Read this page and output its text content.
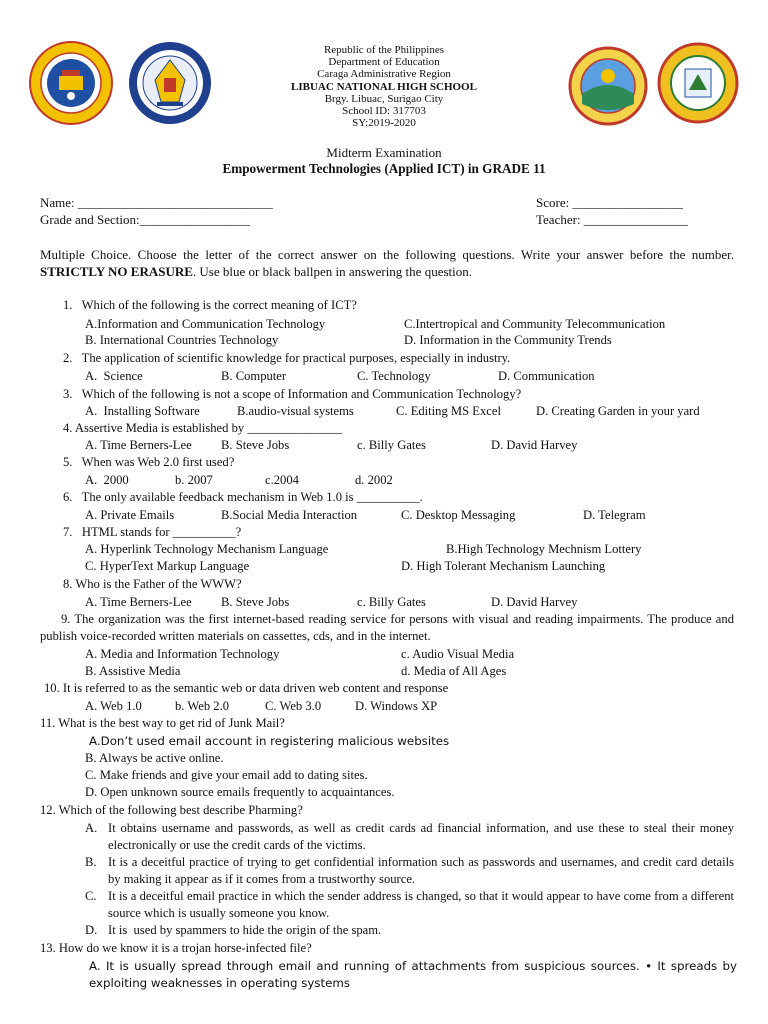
Republic of the Philippines
Department of Education
Caraga Administrative Region
LIBUAC NATIONAL HIGH SCHOOL
Brgy. Libuac, Surigao City
School ID: 317703
SY:2019-2020
Midterm Examination
Empowerment Technologies (Applied ICT) in GRADE 11
Name: ______________________________	Score: _________________
Grade and Section:_________________	Teacher: ________________
Multiple Choice. Choose the letter of the correct answer on the following questions. Write your answer before the number. STRICTLY NO ERASURE. Use blue or black ballpen in answering the question.
1.   Which of the following is the correct meaning of ICT?
A.Information and Communication Technology	C.Intertropical and Community Telecommunication
B. International Countries Technology	D. Information in the Community Trends
2.   The application of scientific knowledge for practical purposes, especially in industry.
A.  Science	B. Computer	C. Technology	D. Communication
3.   Which of the following is not a scope of Information and Communication Technology?
A.  Installing Software	B.audio-visual systems	C. Editing MS Excel	D. Creating Garden in your yard
4. Assertive Media is established by _______________
A. Time Berners-Lee B. Steve Jobs	c. Billy Gates	D. David Harvey
5.   When was Web 2.0 first used?
A.  2000	b. 2007	c.2004	d. 2002
6.   The only available feedback mechanism in Web 1.0 is __________.
A. Private Emails	B.Social Media Interaction	C. Desktop Messaging	D. Telegram
7.   HTML stands for __________?
A. Hyperlink Technology Mechanism Language	B.High Technology Mechnism Lottery
C. HyperText Markup Language	D. High Tolerant Mechanism Launching
8. Who is the Father of the WWW?
A. Time Berners-Lee B. Steve Jobs	c. Billy Gates	D. David Harvey
9. The organization was the first internet-based reading service for persons with visual and reading impairments. The produce and publish voice-recorded written materials on cassettes, cds, and in the internet.
A. Media and Information Technology	c. Audio Visual Media
B. Assistive Media	d. Media of All Ages
10. It is referred to as the semantic web or data driven web content and response
A. Web 1.0	b. Web 2.0	C. Web 3.0	D. Windows XP
11. What is the best way to get rid of Junk Mail?
A.Don’t used email account in registering malicious websites
B. Always be active online.
C. Make friends and give your email add to dating sites.
D. Open unknown source emails frequently to acquaintances.
12. Which of the following best describe Pharming?
A. It obtains username and passwords, as well as credit cards ad financial information, and use these to steal their money electronically or use the credit cards of the victims.
B. It is a deceitful practice of trying to get confidential information such as passwords and usernames, and credit card details by making it appear as if it comes from a trustworthy source.
C. It is a deceitful email practice in which the sender address is changed, so that it would appear to have come from a different source which is usually someone you know.
D. It is  used by spammers to hide the origin of the spam.
13. How do we know it is a trojan horse-infected file?
A. It is usually spread through email and running of attachments from suspicious sources. • It spreads by exploiting weaknesses in operating systems
